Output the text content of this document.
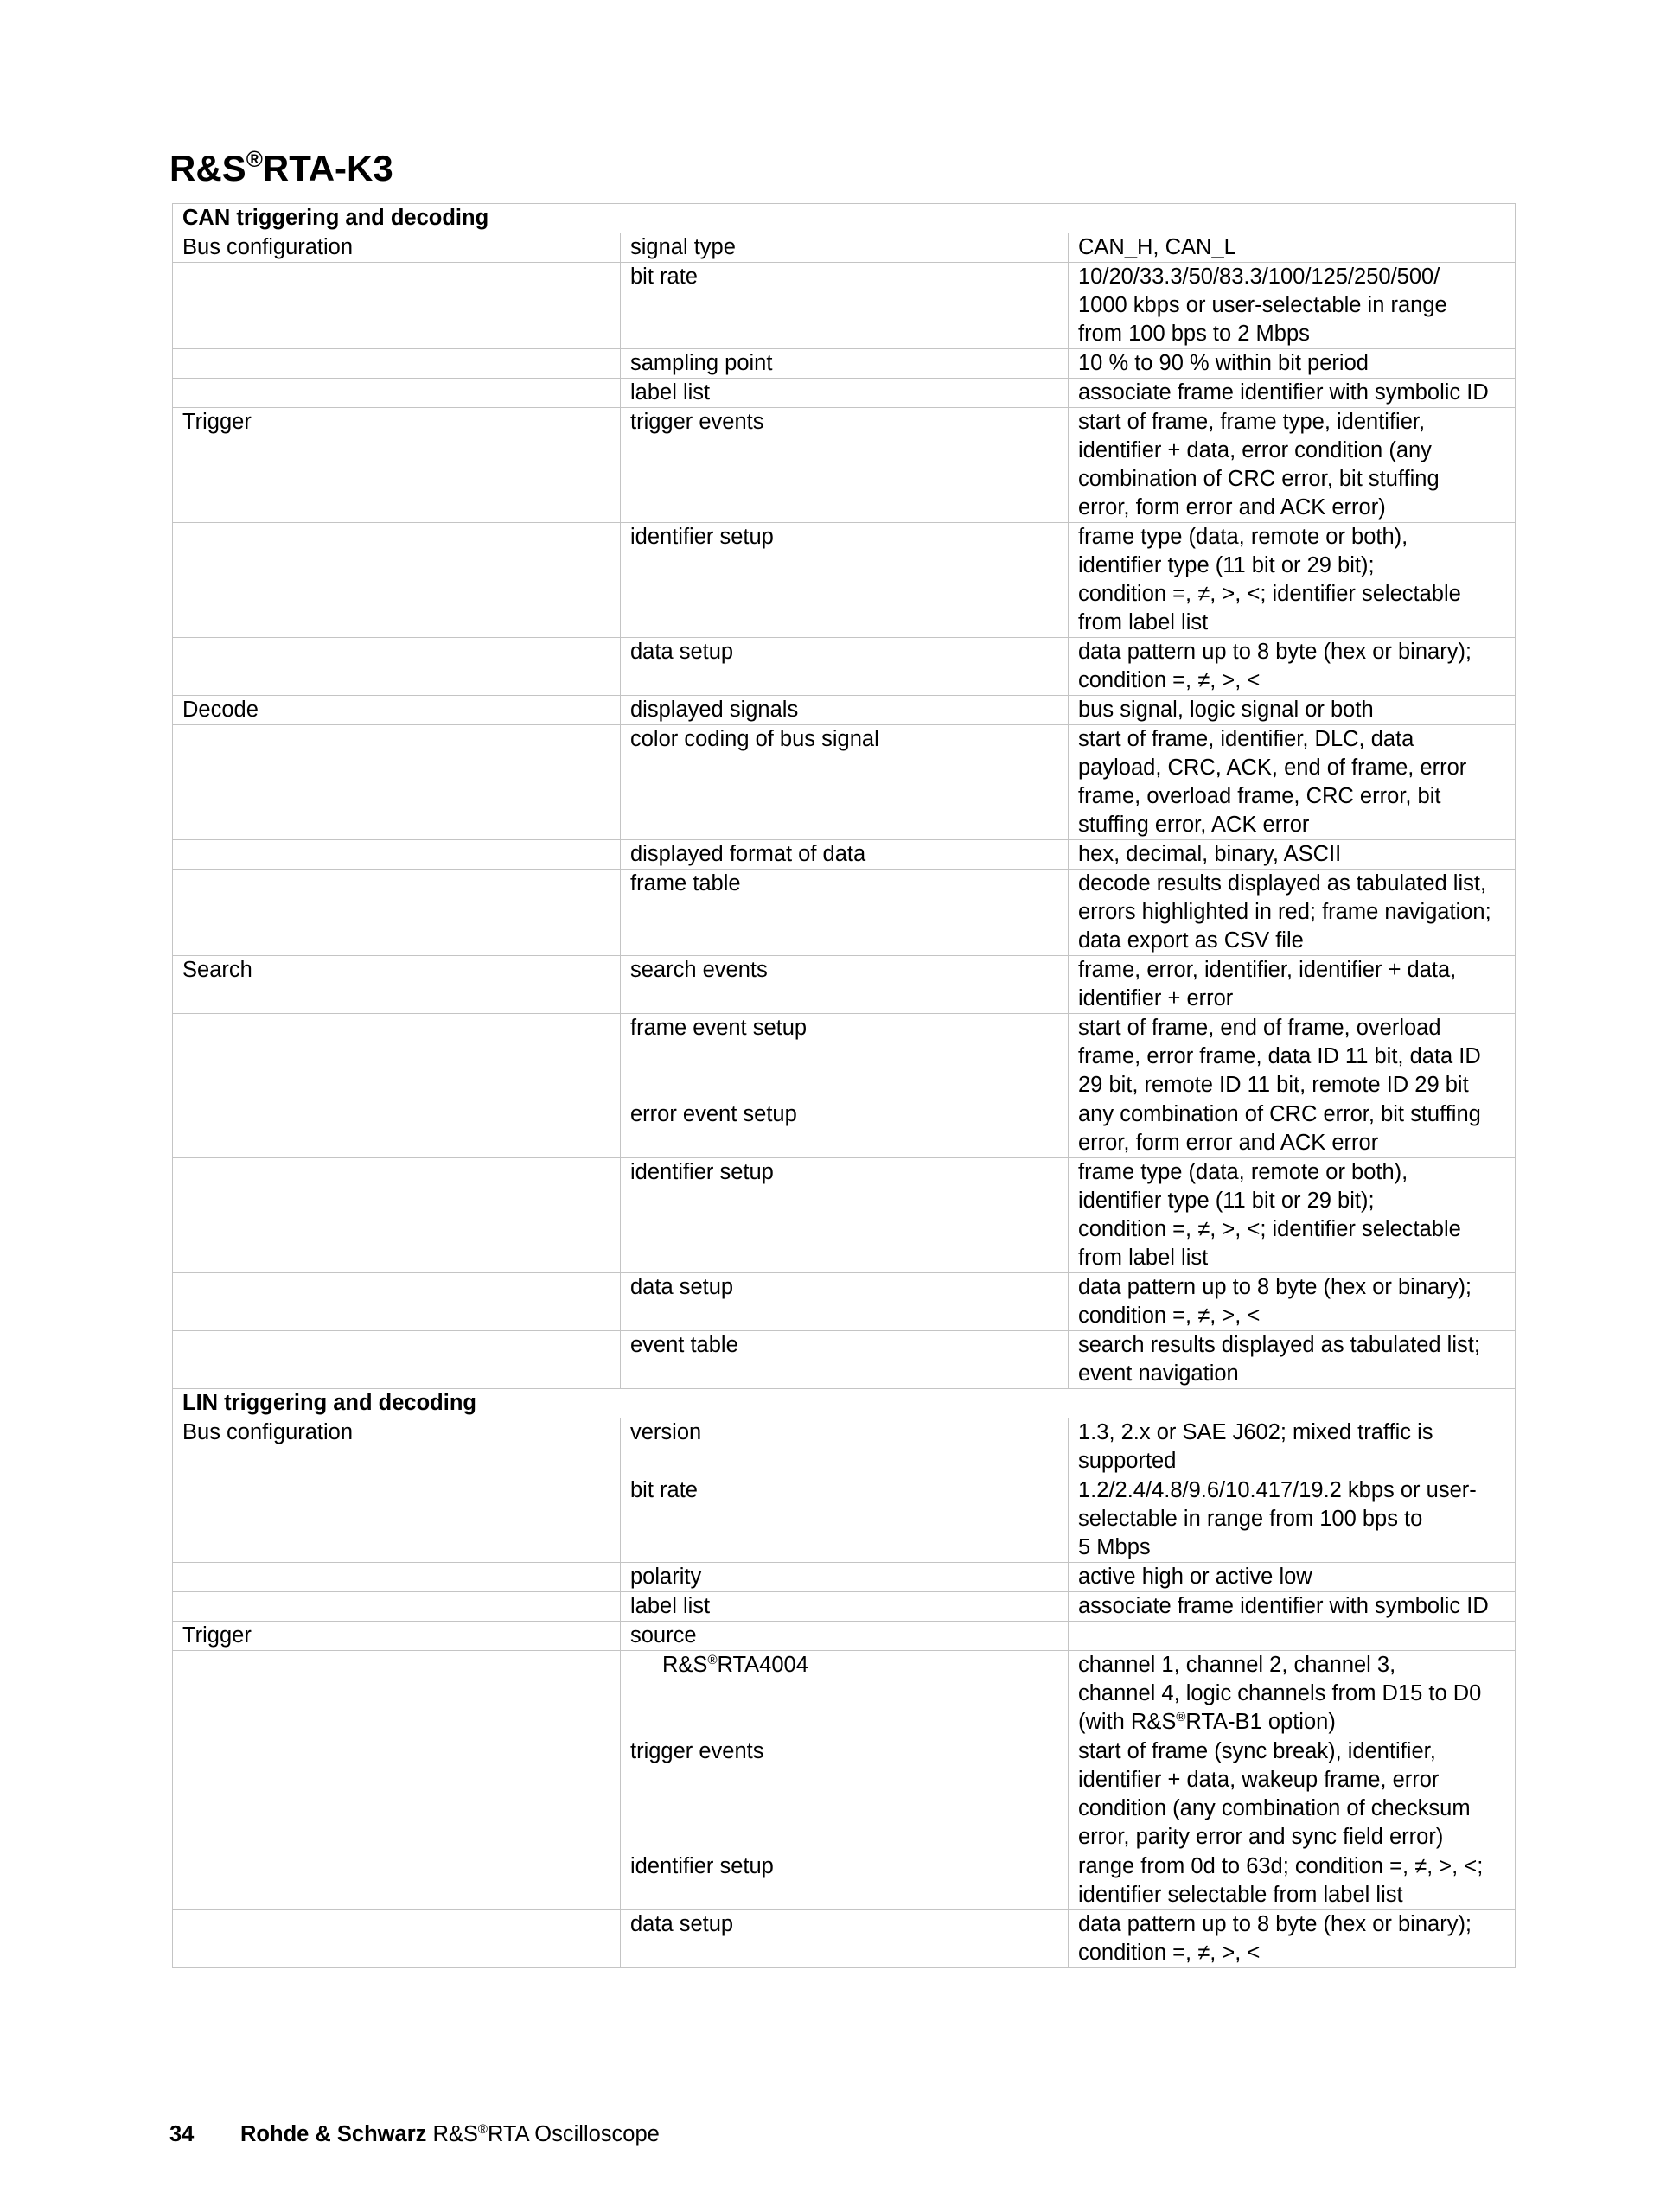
R&S®RTA-K3
CAN triggering and decoding		
Bus configuration	signal type	CAN_H, CAN_L
	bit rate	10/20/33.3/50/83.3/100/125/250/500/
1000 kbps or user-selectable in range
from 100 bps to 2 Mbps
	sampling point	10 % to 90 % within bit period
	label list	associate frame identifier with symbolic ID
Trigger	trigger events	start of frame, frame type, identifier,
identifier + data, error condition (any
combination of CRC error, bit stuffing
error, form error and ACK error)
	identifier setup	frame type (data, remote or both),
identifier type (11 bit or 29 bit);
condition =, ≠, >, <; identifier selectable
from label list
	data setup	data pattern up to 8 byte (hex or binary);
condition =, ≠, >, <
Decode	displayed signals	bus signal, logic signal or both
	color coding of bus signal	start of frame, identifier, DLC, data
payload, CRC, ACK, end of frame, error
frame, overload frame, CRC error, bit
stuffing error, ACK error
	displayed format of data	hex, decimal, binary, ASCII
	frame table	decode results displayed as tabulated list,
errors highlighted in red; frame navigation;
data export as CSV file
Search	search events	frame, error, identifier, identifier + data,
identifier + error
	frame event setup	start of frame, end of frame, overload
frame, error frame, data ID 11 bit, data ID
29 bit, remote ID 11 bit, remote ID 29 bit
	error event setup	any combination of CRC error, bit stuffing
error, form error and ACK error
	identifier setup	frame type (data, remote or both),
identifier type (11 bit or 29 bit);
condition =, ≠, >, <; identifier selectable
from label list
	data setup	data pattern up to 8 byte (hex or binary);
condition =, ≠, >, <
	event table	search results displayed as tabulated list;
event navigation
LIN triggering and decoding		
Bus configuration	version	1.3, 2.x or SAE J602; mixed traffic is
supported
	bit rate	1.2/2.4/4.8/9.6/10.417/19.2 kbps or user-
selectable in range from 100 bps to
5 Mbps
	polarity	active high or active low
	label list	associate frame identifier with symbolic ID
Trigger	source	
	R&S®RTA4004	channel 1, channel 2, channel 3,
channel 4, logic channels from D15 to D0
(with R&S®RTA-B1 option)
	trigger events	start of frame (sync break), identifier,
identifier + data, wakeup frame, error
condition (any combination of checksum
error, parity error and sync field error)
	identifier setup	range from 0d to 63d; condition =, ≠, >, <;
identifier selectable from label list
	data setup	data pattern up to 8 byte (hex or binary);
condition =, ≠, >, <
34 Rohde & Schwarz R&S®RTA Oscilloscope
